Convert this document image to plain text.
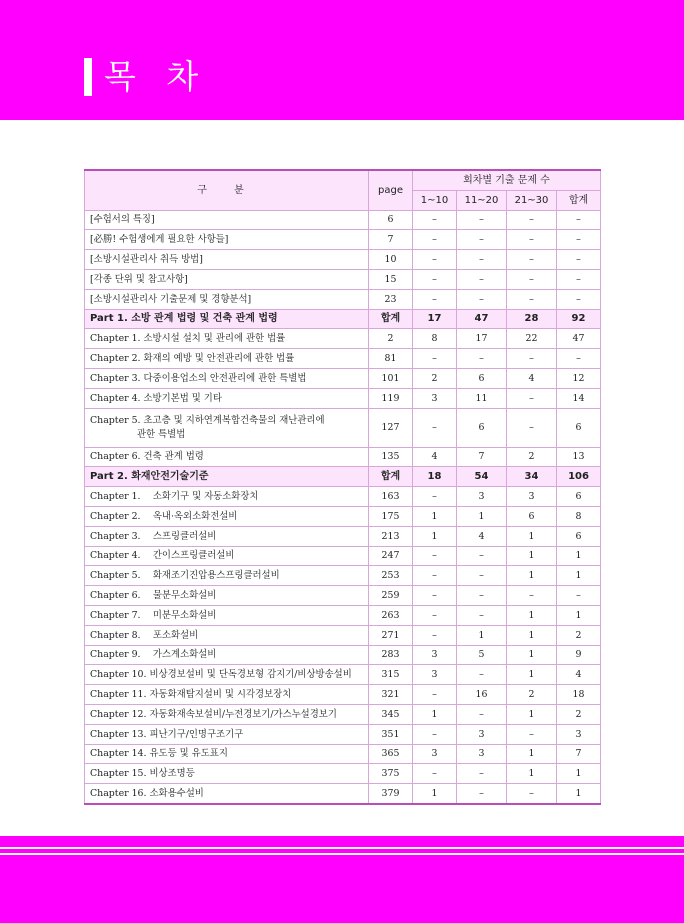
목 차
구 분	page	회차별 기출 문제 수			
		1~10	11~20	21~30	합계
[수험서의 특징]	6	–	–	–	–
[必勝! 수험생에게 필요한 사항들]	7	–	–	–	–
[소방시설관리사 취득 방법]	10	–	–	–	–
[각종 단위 및 참고사항]	15	–	–	–	–
[소방시설관리사 기출문제 및 경향분석]	23	–	–	–	–
Part 1. 소방 관계 법령 및 건축 관계 법령	합계	17	47	28	92
Chapter 1. 소방시설 설치 및 관리에 관한 법률	2	8	17	22	47
Chapter 2. 화재의 예방 및 안전관리에 관한 법률	81	–	–	–	–
Chapter 3. 다중이용업소의 안전관리에 관한 특별법	101	2	6	4	12
Chapter 4. 소방기본법 및 기타	119	3	11	–	14
Chapter 5. 초고층 및 지하연계복합건축물의 재난관리에
관한 특별법	127	–	6	–	6
Chapter 6. 건축 관계 법령	135	4	7	2	13
Part 2. 화재안전기술기준	합계	18	54	34	106
Chapter 1.  소화기구 및 자동소화장치	163	–	3	3	6
Chapter 2.  옥내·옥외소화전설비	175	1	1	6	8
Chapter 3.  스프링클러설비	213	1	4	1	6
Chapter 4.  간이스프링클러설비	247	–	–	1	1
Chapter 5.  화재조기진압용스프링클러설비	253	–	–	1	1
Chapter 6.  물분무소화설비	259	–	–	–	–
Chapter 7.  미분무소화설비	263	–	–	1	1
Chapter 8.  포소화설비	271	–	1	1	2
Chapter 9.  가스계소화설비	283	3	5	1	9
Chapter 10. 비상경보설비 및 단독경보형 감지기/비상방송설비	315	3	–	1	4
Chapter 11. 자동화재탐지설비 및 시각경보장치	321	–	16	2	18
Chapter 12. 자동화재속보설비/누전경보기/가스누설경보기	345	1	–	1	2
Chapter 13. 피난기구/인명구조기구	351	–	3	–	3
Chapter 14. 유도등 및 유도표지	365	3	3	1	7
Chapter 15. 비상조명등	375	–	–	1	1
Chapter 16. 소화용수설비	379	1	–	–	1
